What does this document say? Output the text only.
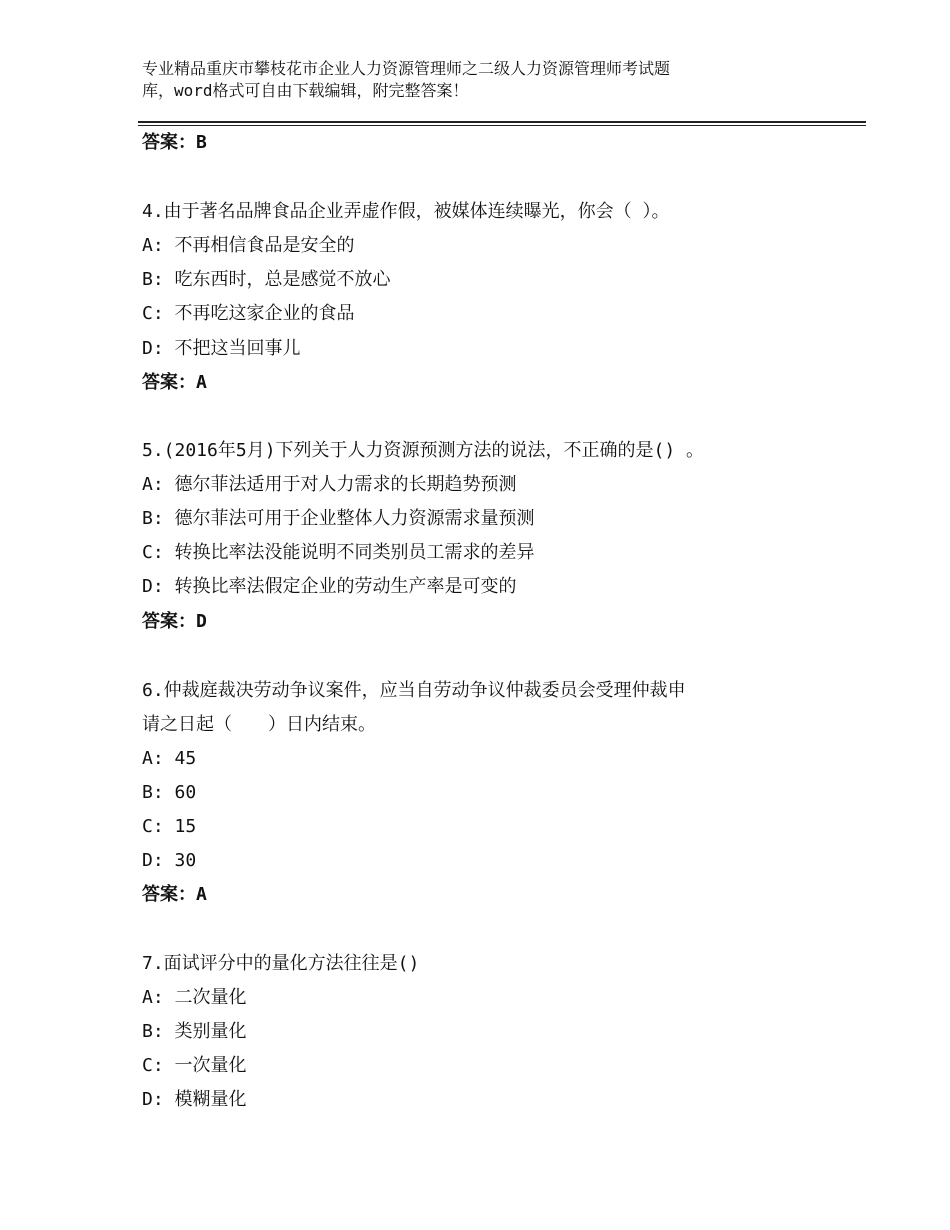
专业精品重庆市攀枝花市企业人力资源管理师之二级人力资源管理师考试题
库，word格式可自由下载编辑，附完整答案！
答案：B
4.由于著名品牌食品企业弄虚作假，被媒体连续曝光，你会（ ）。
A: 不再相信食品是安全的
B: 吃东西时，总是感觉不放心
C: 不再吃这家企业的食品
D: 不把这当回事儿
答案：A
5.(2016年5月)下列关于人力资源预测方法的说法，不正确的是() 。
A: 德尔菲法适用于对人力需求的长期趋势预测
B: 德尔菲法可用于企业整体人力资源需求量预测
C: 转换比率法没能说明不同类别员工需求的差异
D: 转换比率法假定企业的劳动生产率是可变的
答案：D
6.仲裁庭裁决劳动争议案件，应当自劳动争议仲裁委员会受理仲裁申
请之日起（　　）日内结束。
A: 45
B: 60
C: 15
D: 30
答案：A
7.面试评分中的量化方法往往是()
A: 二次量化
B: 类别量化
C: 一次量化
D: 模糊量化
